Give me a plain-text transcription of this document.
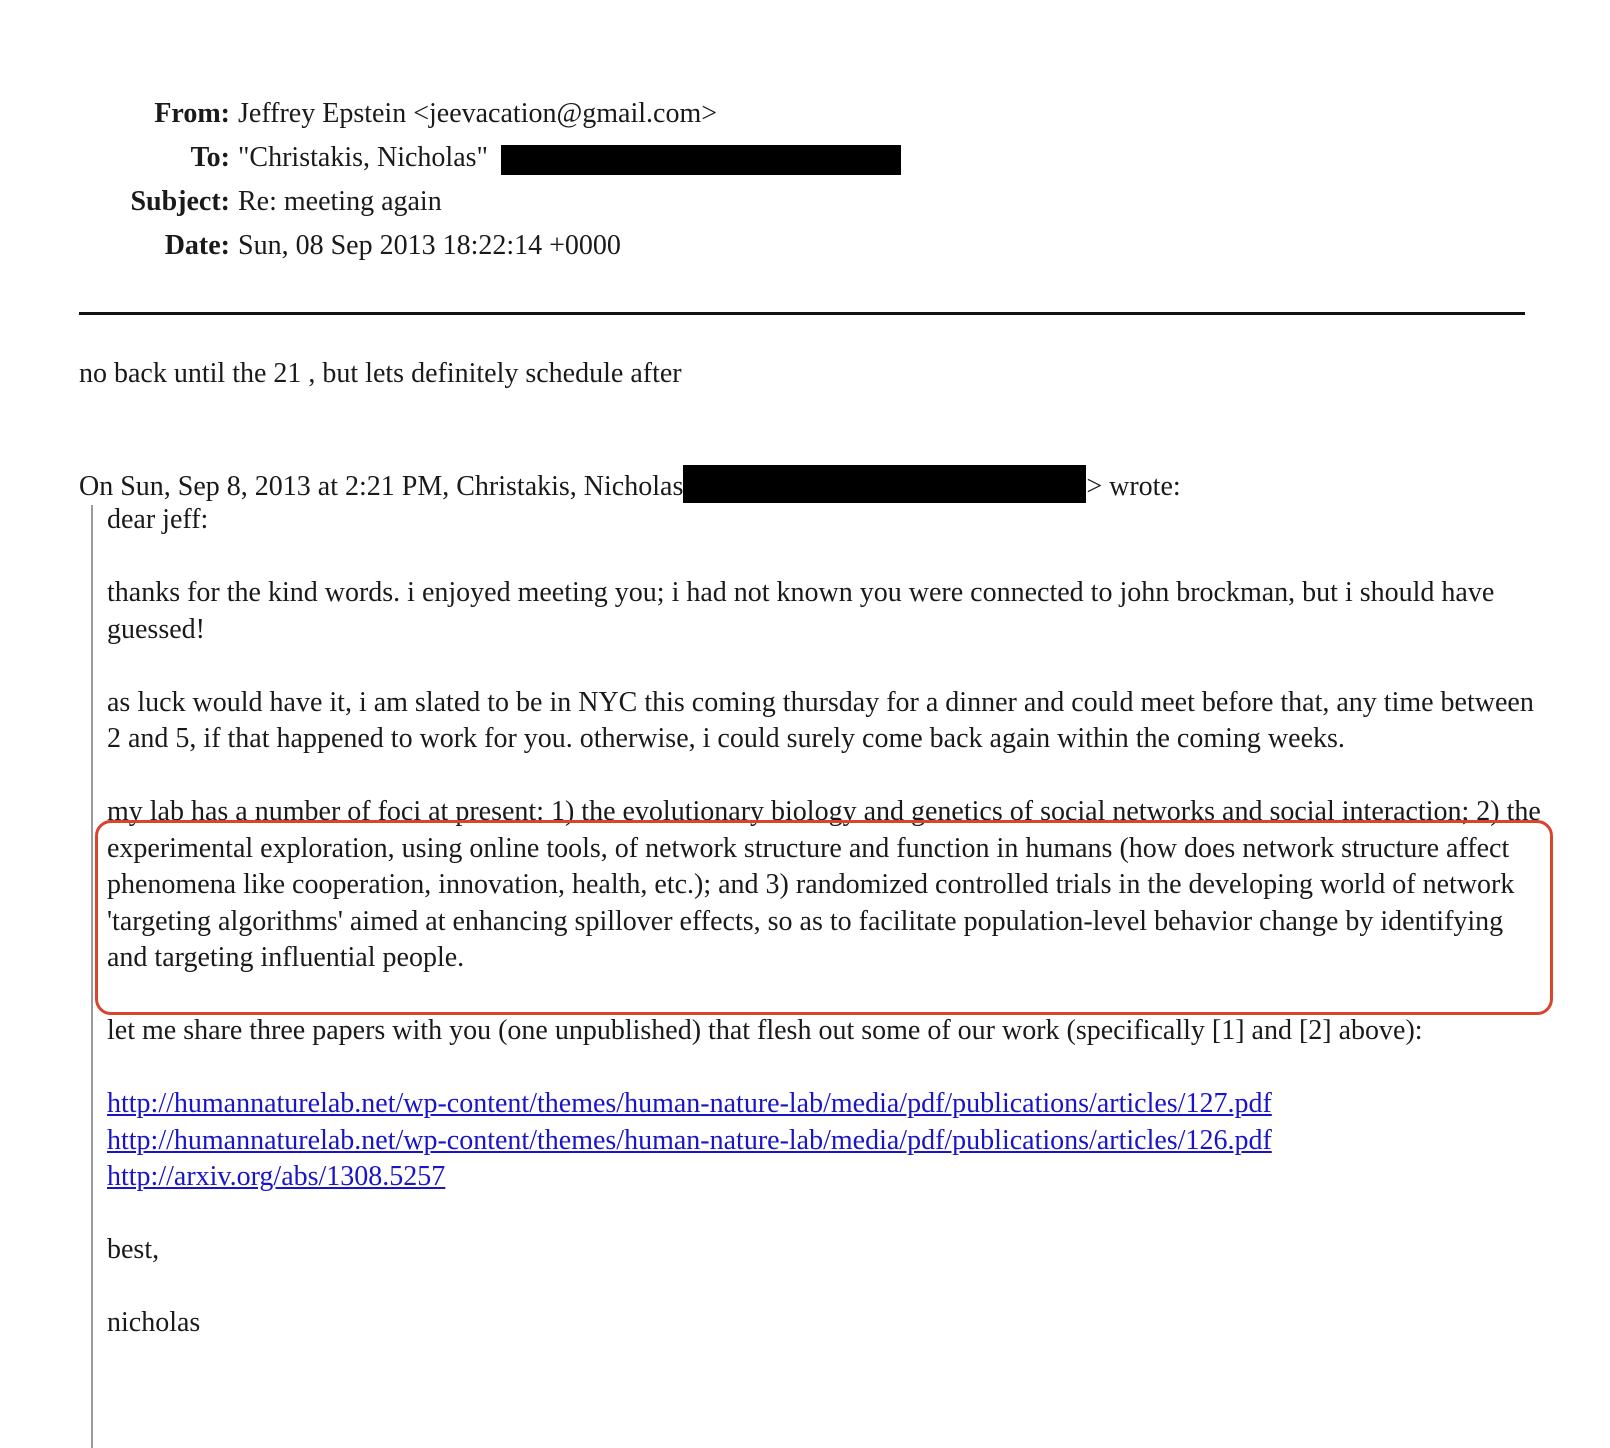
From: Jeffrey Epstein <jeevacation@gmail.com>
To: "Christakis, Nicholas"
Subject: Re: meeting again
Date: Sun, 08 Sep 2013 18:22:14 +0000
no back until the 21 , but lets definitely schedule after
On Sun, Sep 8, 2013 at 2:21 PM, Christakis, Nicholas	> wrote:

dear jeff:

thanks for the kind words. i enjoyed meeting you; i had not known you were connected to john brockman, but i should have guessed!

as luck would have it, i am slated to be in NYC this coming thursday for a dinner and could meet before that, any time between 2 and 5, if that happened to work for you. otherwise, i could surely come back again within the coming weeks.

my lab has a number of foci at present: 1) the evolutionary biology and genetics of social networks and social interaction; 2) the experimental exploration, using online tools, of network structure and function in humans (how does network structure affect phenomena like cooperation, innovation, health, etc.); and 3) randomized controlled trials in the developing world of network 'targeting algorithms' aimed at enhancing spillover effects, so as to facilitate population-level behavior change by identifying and targeting influential people.

let me share three papers with you (one unpublished) that flesh out some of our work (specifically [1] and [2] above):

http://humannaturelab.net/wp-content/themes/human-nature-lab/media/pdf/publications/articles/127.pdf
http://humannaturelab.net/wp-content/themes/human-nature-lab/media/pdf/publications/articles/126.pdf
http://arxiv.org/abs/1308.5257

best,

nicholas
